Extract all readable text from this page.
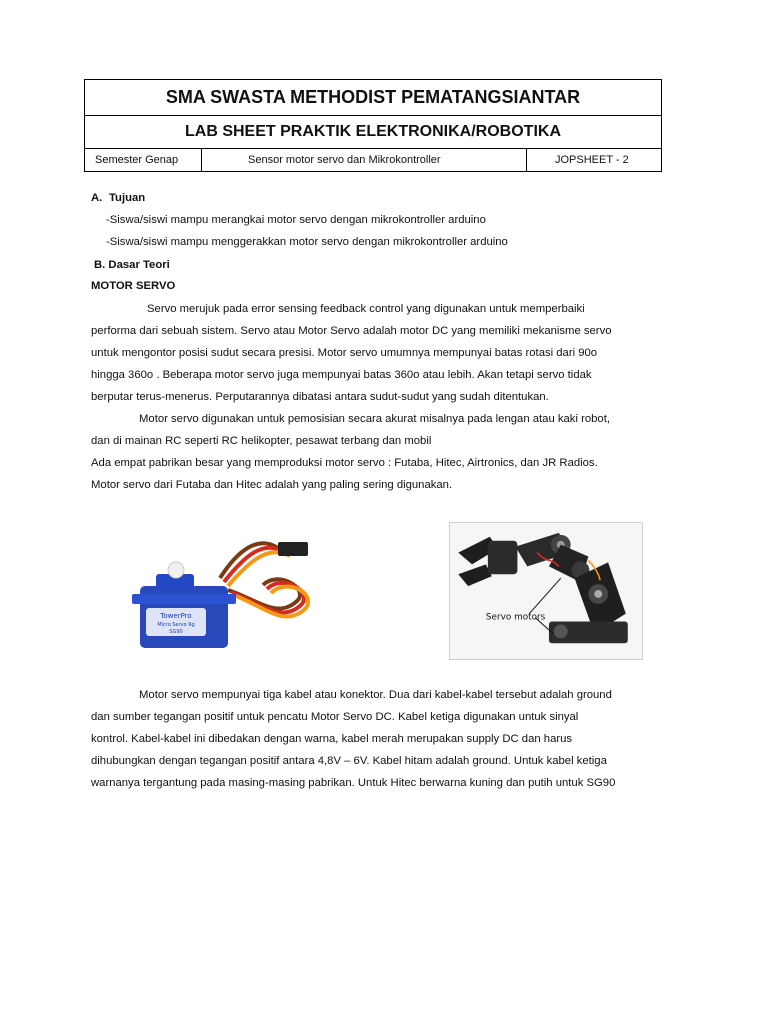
SMA SWASTA METHODIST PEMATANGSIANTAR
LAB SHEET PRAKTIK ELEKTRONIKA/ROBOTIKA
Semester Genap	Sensor motor servo dan Mikrokontroller	JOPSHEET - 2
A. Tujuan
-Siswa/siswi mampu merangkai motor servo dengan mikrokontroller arduino
-Siswa/siswi mampu menggerakkan motor servo dengan mikrokontroller arduino
B. Dasar Teori
MOTOR SERVO
Servo merujuk pada error sensing feedback control yang digunakan untuk memperbaiki
performa dari sebuah sistem. Servo atau Motor Servo adalah motor DC yang memiliki mekanisme servo
untuk mengontor posisi sudut secara presisi. Motor servo umumnya mempunyai batas rotasi dari 90o
hingga 360o . Beberapa motor servo juga mempunyai batas 360o atau lebih. Akan tetapi servo tidak
berputar terus-menerus. Perputarannya dibatasi antara sudut-sudut yang sudah ditentukan.
Motor servo digunakan untuk pemosisian secara akurat misalnya pada lengan atau kaki robot,
dan di mainan RC seperti RC helikopter, pesawat terbang dan mobil
Ada empat pabrikan besar yang memproduksi motor servo : Futaba, Hitec, Airtronics, dan JR Radios.
Motor servo dari Futaba dan Hitec adalah yang paling sering digunakan.
TowerPro
Micro Servo 9g
SG90
Servo motors
Motor servo mempunyai tiga kabel atau konektor. Dua dari kabel-kabel tersebut adalah ground
dan sumber tegangan positif untuk pencatu Motor Servo DC. Kabel ketiga digunakan untuk sinyal
kontrol. Kabel-kabel ini dibedakan dengan warna, kabel merah merupakan supply DC dan harus
dihubungkan dengan tegangan positif antara 4,8V – 6V. Kabel hitam adalah ground. Untuk kabel ketiga
warnanya tergantung pada masing-masing pabrikan. Untuk Hitec berwarna kuning dan putih untuk SG90
